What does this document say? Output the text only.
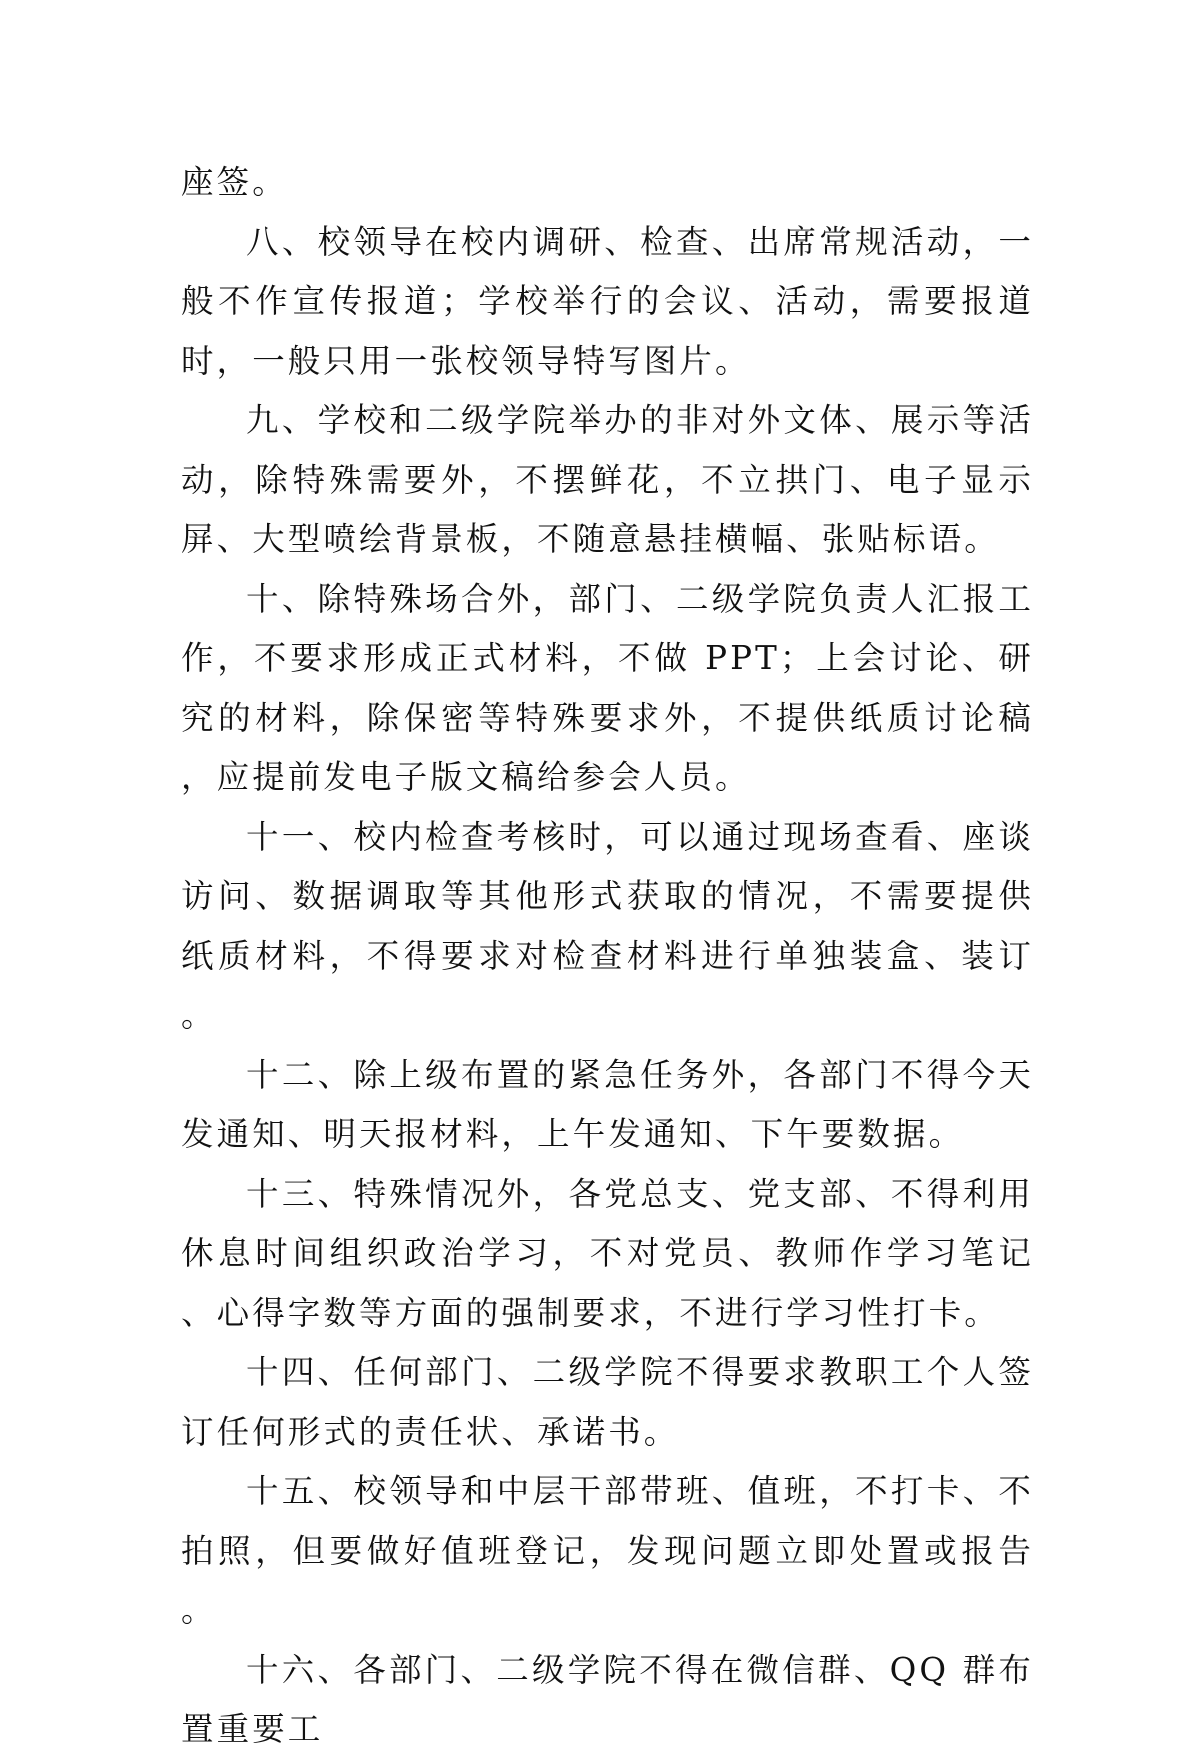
座签。

八、校领导在校内调研、检查、出席常规活动，一般不作宣传报道；学校举行的会议、活动，需要报道时，一般只用一张校领导特写图片。

九、学校和二级学院举办的非对外文体、展示等活动，除特殊需要外，不摆鲜花，不立拱门、电子显示屏、大型喷绘背景板，不随意悬挂横幅、张贴标语。

十、除特殊场合外，部门、二级学院负责人汇报工作，不要求形成正式材料，不做 PPT；上会讨论、研究的材料，除保密等特殊要求外，不提供纸质讨论稿，应提前发电子版文稿给参会人员。

十一、校内检查考核时，可以通过现场查看、座谈访问、数据调取等其他形式获取的情况，不需要提供纸质材料，不得要求对检查材料进行单独装盒、装订。

十二、除上级布置的紧急任务外，各部门不得今天发通知、明天报材料，上午发通知、下午要数据。

十三、特殊情况外，各党总支、党支部、不得利用休息时间组织政治学习，不对党员、教师作学习笔记、心得字数等方面的强制要求，不进行学习性打卡。

十四、任何部门、二级学院不得要求教职工个人签订任何形式的责任状、承诺书。

十五、校领导和中层干部带班、值班，不打卡、不拍照，但要做好值班登记，发现问题立即处置或报告。

十六、各部门、二级学院不得在微信群、QQ 群布置重要工
